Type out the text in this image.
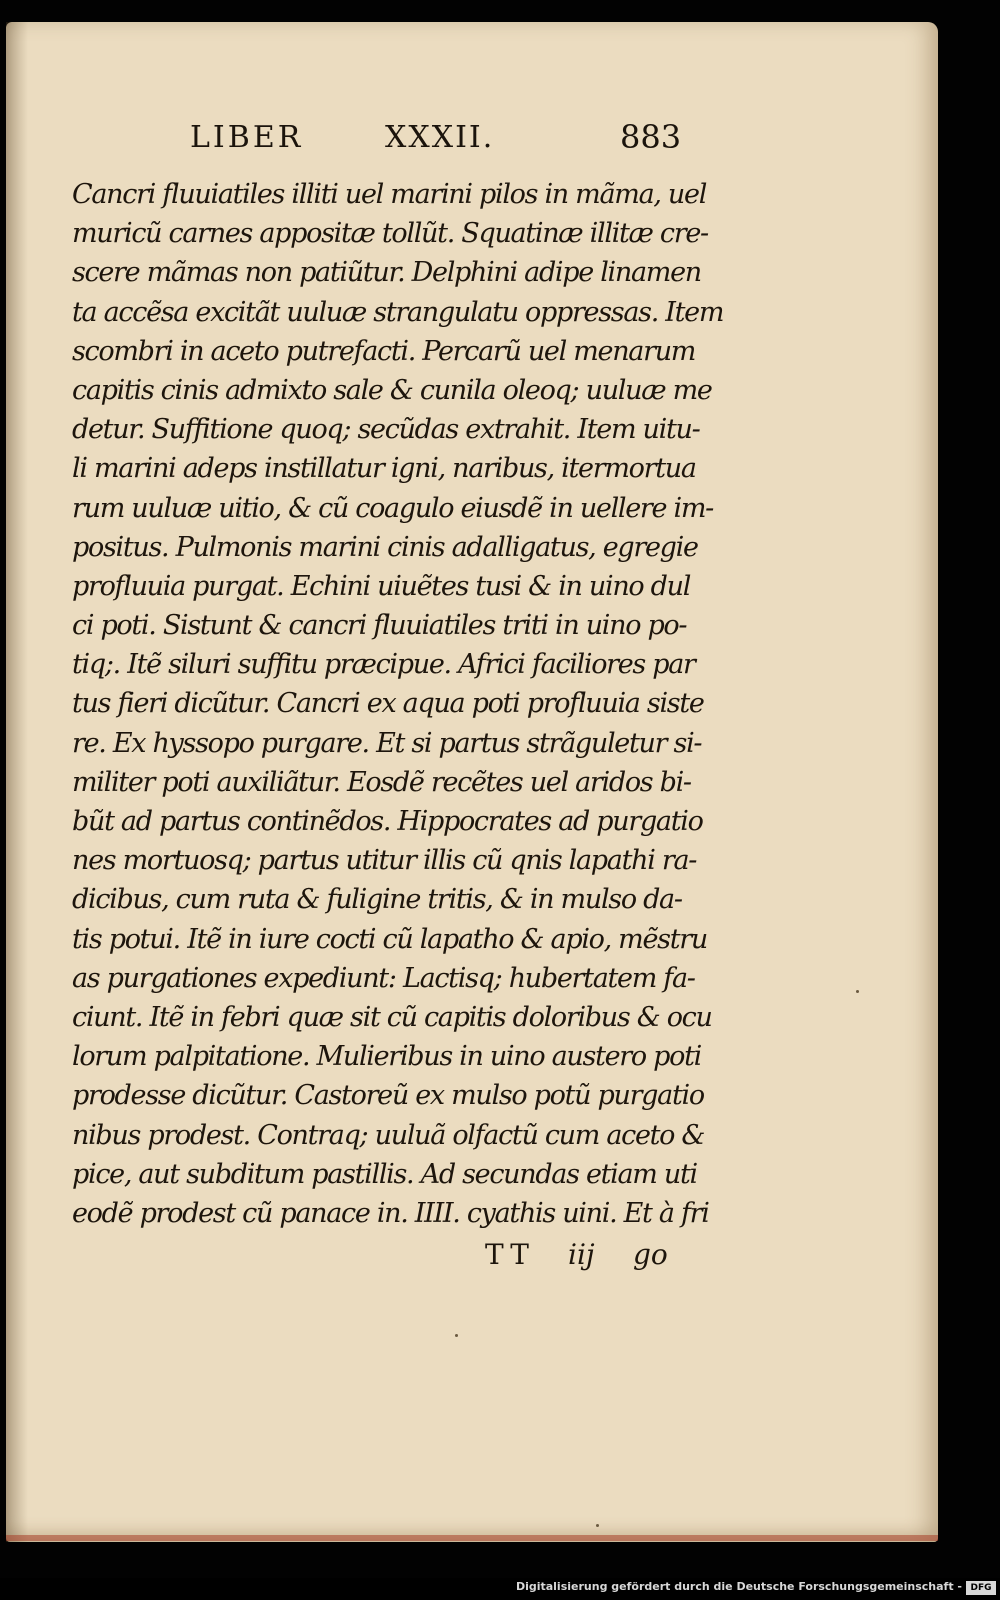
LIBER	XXXII.	883
Cancri fluuiatiles illiti uel marini pilos in mãma, uel
muricũ carnes appositæ tollũt. Squatinæ illitæ cre-
scere mãmas non patiũtur. Delphini adipe linamen
ta accẽsa excitãt uuluæ strangulatu oppressas. Item
scombri in aceto putrefacti. Percarũ uel menarum
capitis cinis admixto sale & cunila oleoq; uuluæ me
detur. Suffitione quoq; secũdas extrahit. Item uitu-
li marini adeps instillatur igni, naribus, itermortua
rum uuluæ uitio, & cũ coagulo eiusdẽ in uellere im-
positus. Pulmonis marini cinis adalligatus, egregie
profluuia purgat. Echini uiuẽtes tusi & in uino dul
ci poti. Sistunt & cancri fluuiatiles triti in uino po-
tiq;. Itẽ siluri suffitu præcipue. Africi faciliores par
tus fieri dicũtur. Cancri ex aqua poti profluuia siste
re. Ex hyssopo purgare. Et si partus strãguletur si-
militer poti auxiliãtur. Eosdẽ recẽtes uel aridos bi-
bũt ad partus continẽdos. Hippocrates ad purgatio
nes mortuosq; partus utitur illis cũ qnis lapathi ra-
dicibus, cum ruta & fuligine tritis, & in mulso da-
tis potui. Itẽ in iure cocti cũ lapatho & apio, mẽstru
as purgationes expediunt: Lactisq; hubertatem fa-
ciunt. Itẽ in febri quæ sit cũ capitis doloribus & ocu
lorum palpitatione. Mulieribus in uino austero poti
prodesse dicũtur. Castoreũ ex mulso potũ purgatio
nibus prodest. Contraq; uuluã olfactũ cum aceto &
pice, aut subditum pastillis. Ad secundas etiam uti
eodẽ prodest cũ panace in. IIII. cyathis uini. Et à fri
TT iij go
Digitalisierung gefördert durch die Deutsche Forschungsgemeinschaft - DFG
